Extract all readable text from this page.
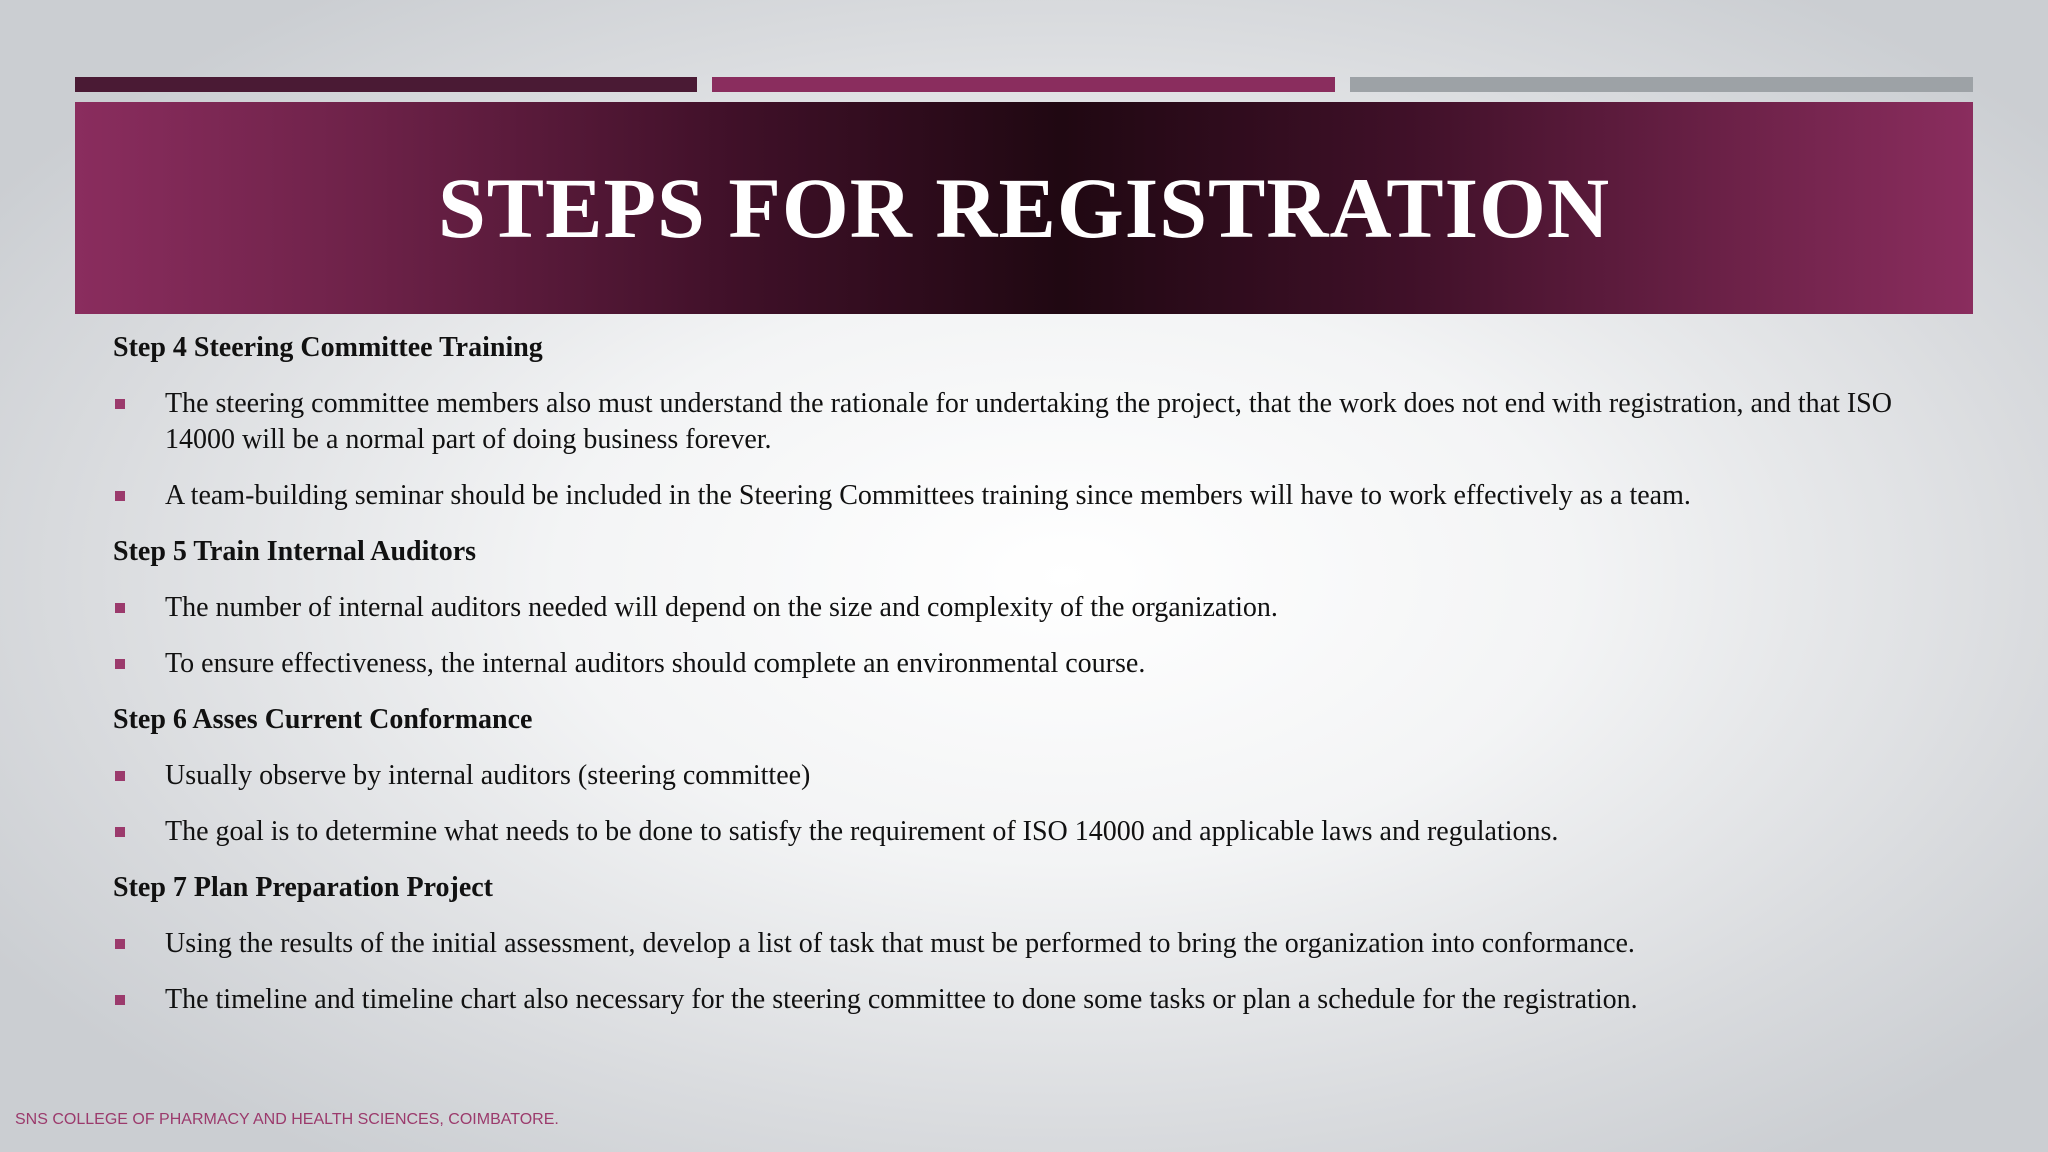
STEPS FOR REGISTRATION
Step 4 Steering Committee Training
The steering committee members also must understand the rationale for undertaking the project, that the work does not end with registration, and that ISO 14000 will be a normal part of doing business forever.
A team-building seminar should be included in the Steering Committees training since members will have to work effectively as a team.
Step 5 Train Internal Auditors
The number of internal auditors needed will depend on the size and complexity of the organization.
To ensure effectiveness, the internal auditors should complete an environmental course.
Step 6 Asses Current Conformance
Usually observe by internal auditors (steering committee)
The goal is to determine what needs to be done to satisfy the requirement of ISO 14000 and applicable laws and regulations.
Step 7 Plan Preparation Project
Using the results of the initial assessment, develop a list of task that must be performed to bring the organization into conformance.
The timeline and timeline chart also necessary for the steering committee to done some tasks or plan a schedule for the registration.
SNS COLLEGE OF PHARMACY AND HEALTH SCIENCES, COIMBATORE.
